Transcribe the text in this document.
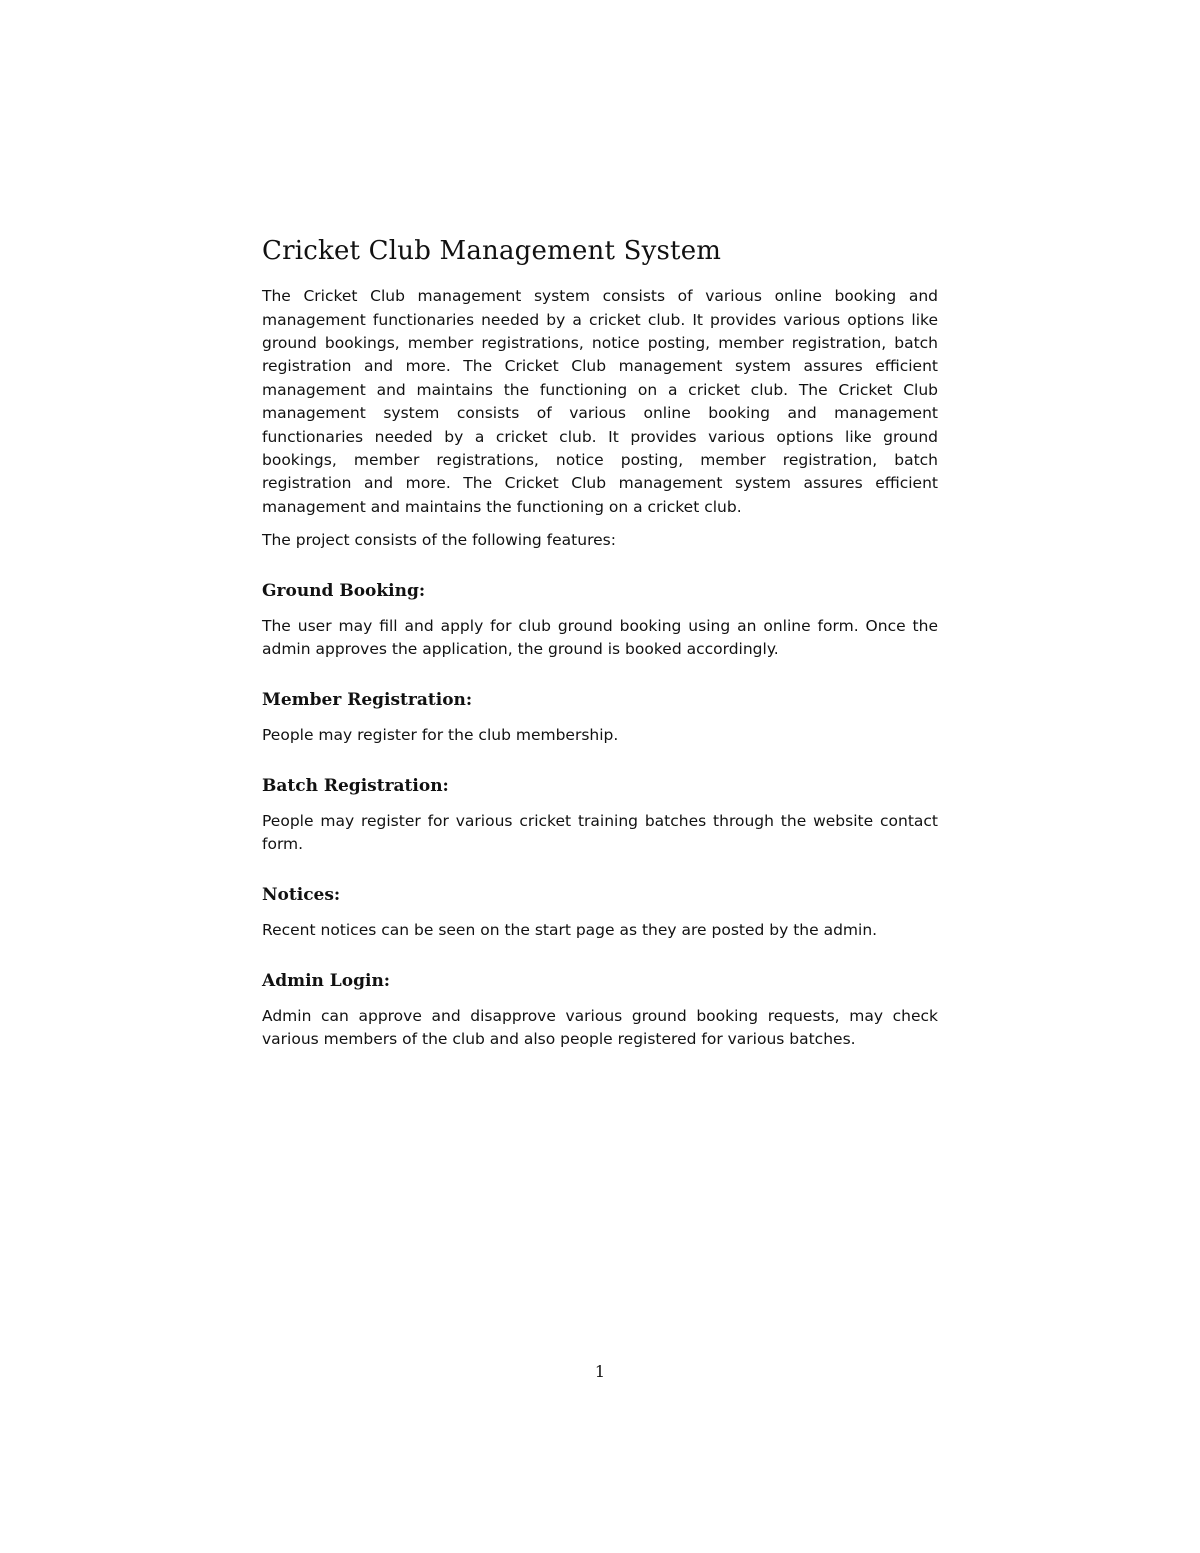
Cricket Club Management System

The Cricket Club management system consists of various online booking and management functionaries needed by a cricket club. It provides various options like ground bookings, member registrations, notice posting, member registration, batch registration and more. The Cricket Club management system assures efficient management and maintains the functioning on a cricket club. The Cricket Club management system consists of various online booking and management functionaries needed by a cricket club. It provides various options like ground bookings, member registrations, notice posting, member registration, batch registration and more. The Cricket Club management system assures efficient management and maintains the functioning on a cricket club.

The project consists of the following features:

Ground Booking:

The user may fill and apply for club ground booking using an online form. Once the admin approves the application, the ground is booked accordingly.

Member Registration:

People may register for the club membership.

Batch Registration:

People may register for various cricket training batches through the website contact form.

Notices:

Recent notices can be seen on the start page as they are posted by the admin.

Admin Login:

Admin can approve and disapprove various ground booking requests, may check various members of the club and also people registered for various batches.

1
